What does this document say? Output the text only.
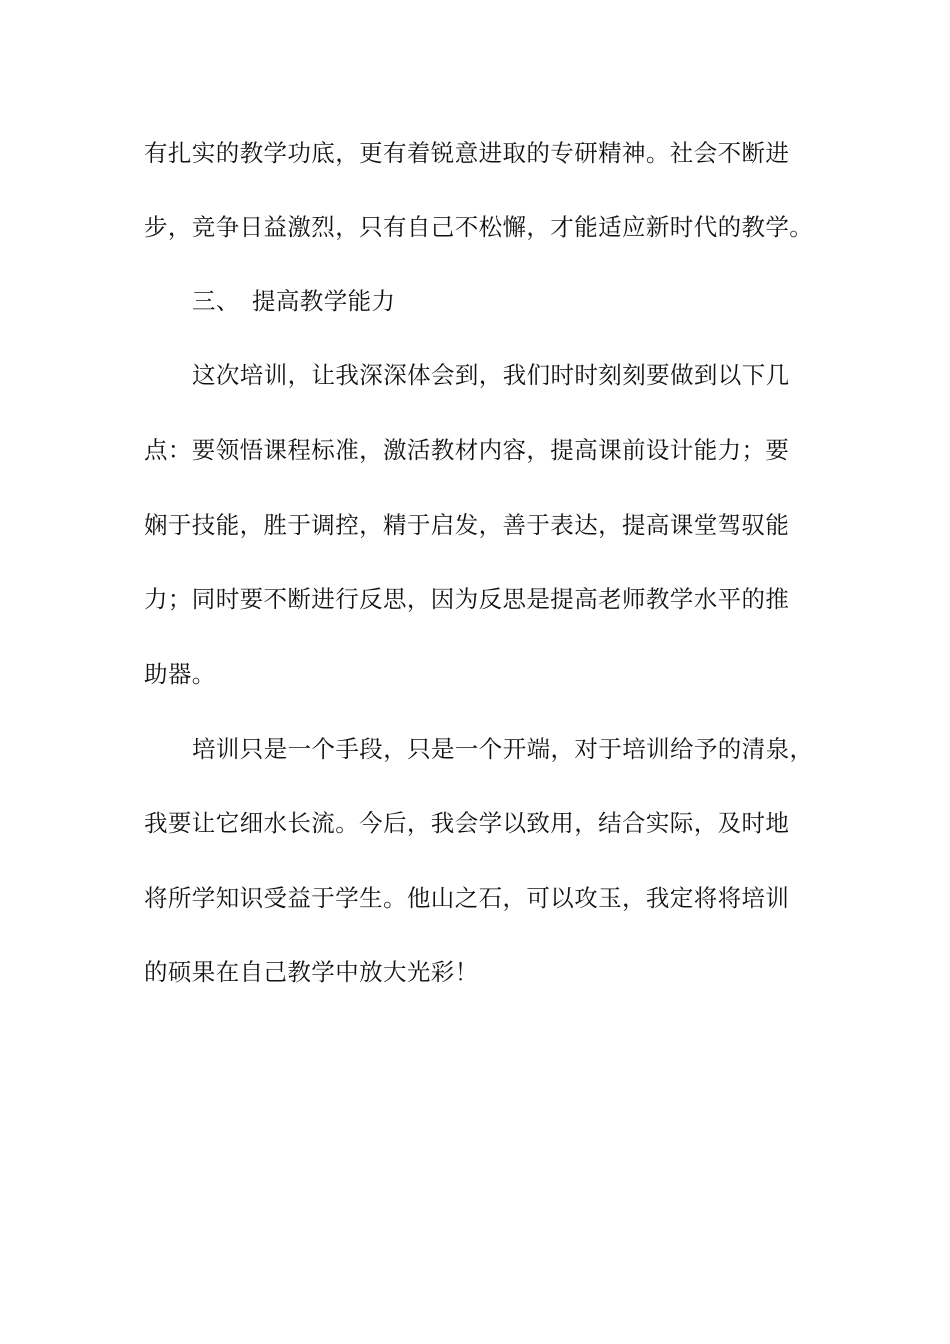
有扎实的教学功底，更有着锐意进取的专研精神。社会不断进
步，竞争日益激烈，只有自己不松懈，才能适应新时代的教学。
三、 提高教学能力
这次培训，让我深深体会到，我们时时刻刻要做到以下几
点：要领悟课程标准，激活教材内容，提高课前设计能力；要
娴于技能，胜于调控，精于启发，善于表达，提高课堂驾驭能
力；同时要不断进行反思，因为反思是提高老师教学水平的推
助器。
培训只是一个手段，只是一个开端，对于培训给予的清泉，
我要让它细水长流。今后，我会学以致用，结合实际，及时地
将所学知识受益于学生。他山之石，可以攻玉，我定将将培训
的硕果在自己教学中放大光彩！
